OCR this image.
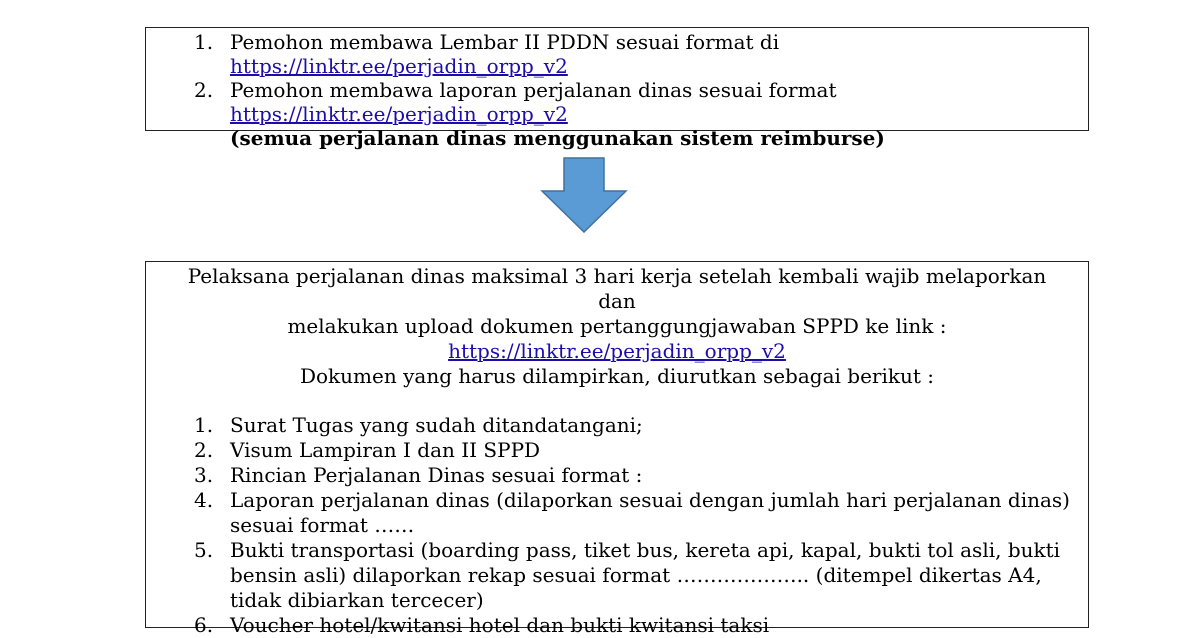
1. Pemohon membawa Lembar II PDDN sesuai format di https://linktr.ee/perjadin_orpp_v2
2. Pemohon membawa laporan perjalanan dinas sesuai format
https://linktr.ee/perjadin_orpp_v2
(semua perjalanan dinas menggunakan sistem reimburse)
Pelaksana perjalanan dinas maksimal 3 hari kerja setelah kembali wajib melaporkan dan
melakukan upload dokumen pertanggungjawaban SPPD ke link :
https://linktr.ee/perjadin_orpp_v2
Dokumen yang harus dilampirkan, diurutkan sebagai berikut :
1. Surat Tugas yang sudah ditandatangani;
2. Visum Lampiran I dan II SPPD
3. Rincian Perjalanan Dinas sesuai format :
4. Laporan perjalanan dinas (dilaporkan sesuai dengan jumlah hari perjalanan dinas) sesuai format ……
5. Bukti transportasi (boarding pass, tiket bus, kereta api, kapal, bukti tol asli, bukti bensin asli) dilaporkan rekap sesuai format ……………….. (ditempel dikertas A4, tidak dibiarkan tercecer)
6. Voucher hotel/kwitansi hotel dan bukti kwitansi taksi
